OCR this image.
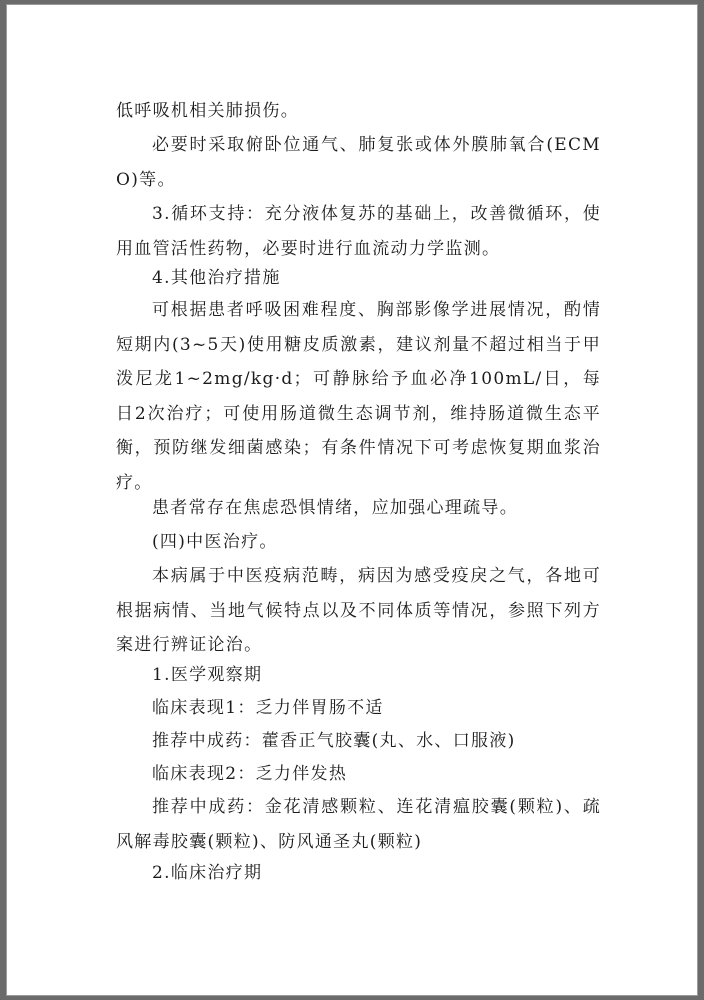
低呼吸机相关肺损伤。

必要时采取俯卧位通气、肺复张或体外膜肺氧合(ECMO)等。

3.循环支持：充分液体复苏的基础上，改善微循环，使用血管活性药物，必要时进行血流动力学监测。

4.其他治疗措施

可根据患者呼吸困难程度、胸部影像学进展情况，酌情短期内(3~5天)使用糖皮质激素，建议剂量不超过相当于甲泼尼龙1~2mg/kg·d；可静脉给予血必净100mL/日，每日2次治疗；可使用肠道微生态调节剂，维持肠道微生态平衡，预防继发细菌感染；有条件情况下可考虑恢复期血浆治疗。

患者常存在焦虑恐惧情绪，应加强心理疏导。

(四)中医治疗。

本病属于中医疫病范畴，病因为感受疫戾之气，各地可根据病情、当地气候特点以及不同体质等情况，参照下列方案进行辨证论治。

1.医学观察期

临床表现1：乏力伴胃肠不适

推荐中成药：藿香正气胶囊(丸、水、口服液)

临床表现2：乏力伴发热

推荐中成药：金花清感颗粒、连花清瘟胶囊(颗粒)、疏风解毒胶囊(颗粒)、防风通圣丸(颗粒)

2.临床治疗期
